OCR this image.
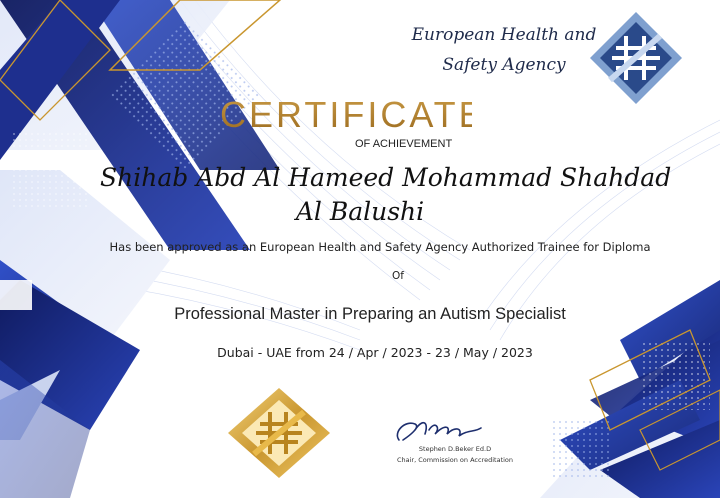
European Health and
Safety Agency
CERTIFICATE
OF ACHIEVEMENT
Shihab Abd Al Hameed Mohammad Shahdad
Al Balushi
Has been approved as an European Health and Safety Agency Authorized Trainee for Diploma
Of
Professional Master in Preparing an Autism Specialist
Dubai - UAE from 24 / Apr / 2023 - 23 / May / 2023
Stephen D.Beker Ed.D
Chair, Commission on Accreditation
